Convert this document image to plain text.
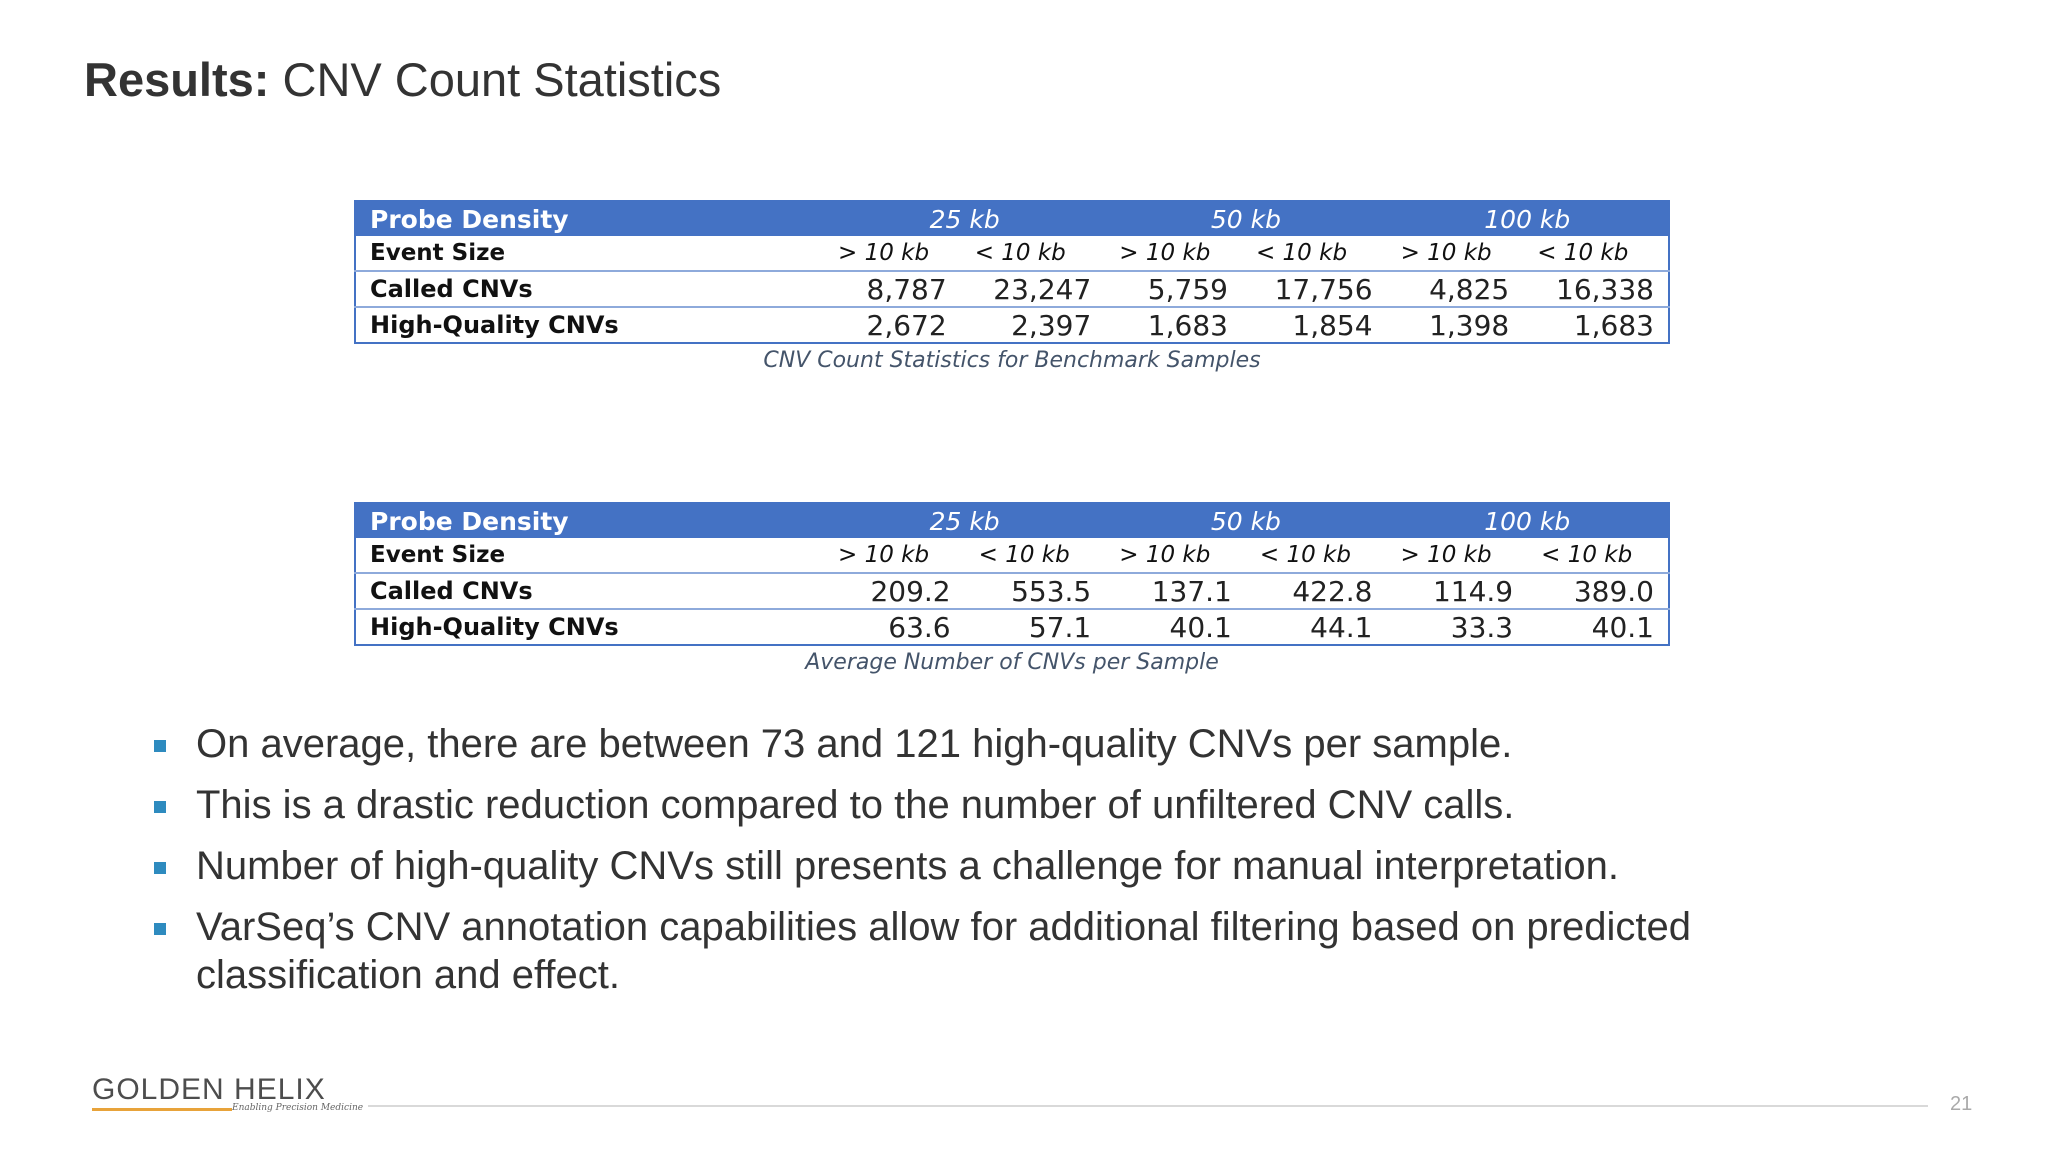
Results: CNV Count Statistics
Probe Density	25 kb		50 kb		100 kb	
Event Size	> 10 kb	< 10 kb	> 10 kb	< 10 kb	> 10 kb	< 10 kb
Called CNVs	8,787	23,247	5,759	17,756	4,825	16,338
High-Quality CNVs	2,672	2,397	1,683	1,854	1,398	1,683
CNV Count Statistics for Benchmark Samples
Probe Density	25 kb		50 kb		100 kb	
Event Size	> 10 kb	< 10 kb	> 10 kb	< 10 kb	> 10 kb	< 10 kb
Called CNVs	209.2	553.5	137.1	422.8	114.9	389.0
High-Quality CNVs	63.6	57.1	40.1	44.1	33.3	40.1
Average Number of CNVs per Sample
On average, there are between 73 and 121 high-quality CNVs per sample.
This is a drastic reduction compared to the number of unfiltered CNV calls.
Number of high-quality CNVs still presents a challenge for manual interpretation.
VarSeq’s CNV annotation capabilities allow for additional filtering based on predicted classification and effect.
GOLDEN HELIX
Enabling Precision Medicine	21
